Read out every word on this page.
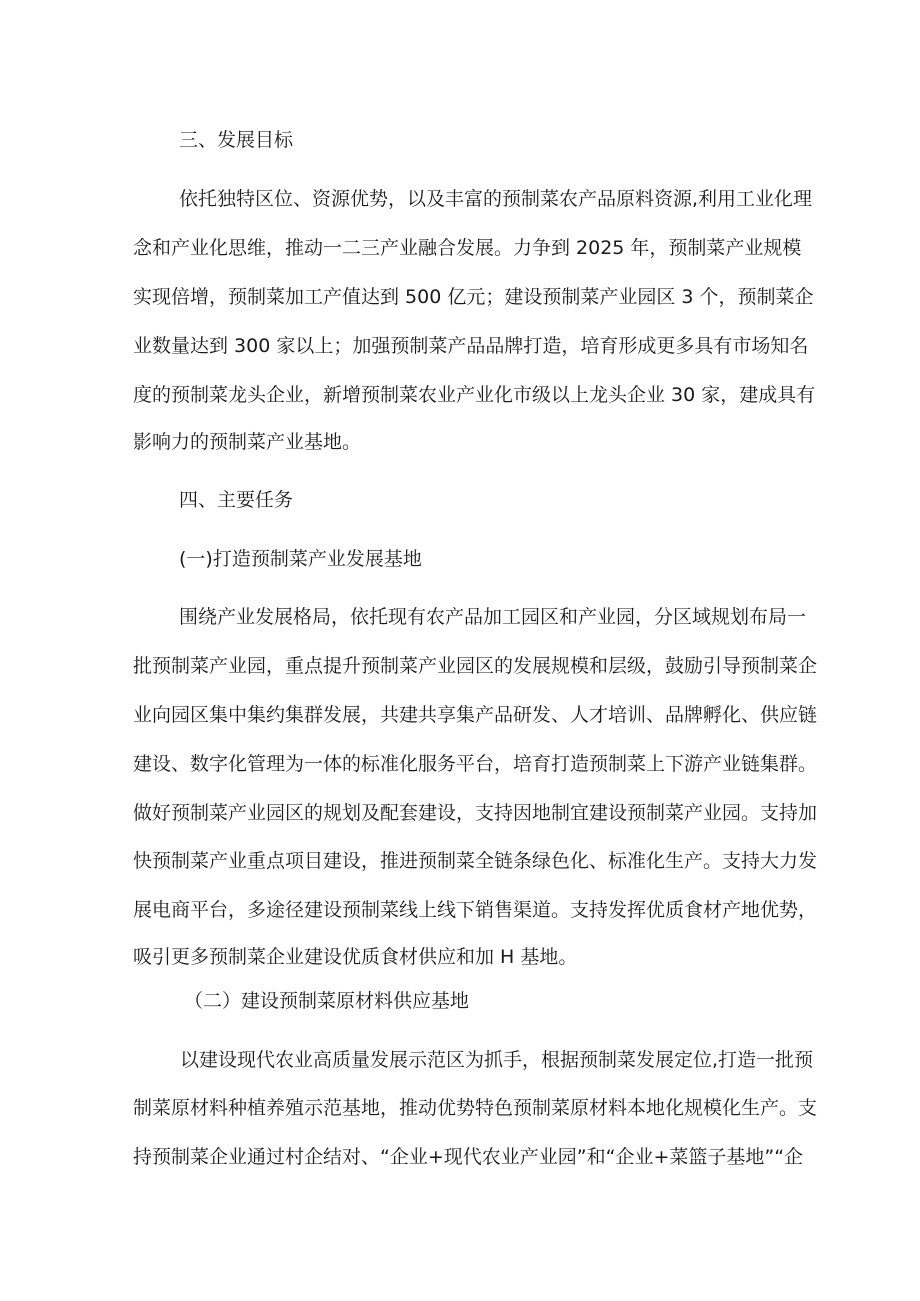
三、发展目标
依托独特区位、资源优势，以及丰富的预制菜农产品原料资源,利用工业化理
念和产业化思维，推动一二三产业融合发展。力争到 2025 年，预制菜产业规模
实现倍增，预制菜加工产值达到 500 亿元；建设预制菜产业园区 3 个，预制菜企
业数量达到 300 家以上；加强预制菜产品品牌打造，培育形成更多具有市场知名
度的预制菜龙头企业，新增预制菜农业产业化市级以上龙头企业 30 家，建成具有
影响力的预制菜产业基地。
四、主要任务
(一)打造预制菜产业发展基地
围绕产业发展格局，依托现有农产品加工园区和产业园，分区域规划布局一
批预制菜产业园，重点提升预制菜产业园区的发展规模和层级，鼓励引导预制菜企
业向园区集中集约集群发展，共建共享集产品研发、人才培训、品牌孵化、供应链
建设、数字化管理为一体的标准化服务平台，培育打造预制菜上下游产业链集群。
做好预制菜产业园区的规划及配套建设，支持因地制宜建设预制菜产业园。支持加
快预制菜产业重点项目建设，推进预制菜全链条绿色化、标准化生产。支持大力发
展电商平台，多途径建设预制菜线上线下销售渠道。支持发挥优质食材产地优势，
吸引更多预制菜企业建设优质食材供应和加 H 基地。
（二）建设预制菜原材料供应基地
以建设现代农业高质量发展示范区为抓手，根据预制菜发展定位,打造一批预
制菜原材料种植养殖示范基地，推动优势特色预制菜原材料本地化规模化生产。支
持预制菜企业通过村企结对、“企业+现代农业产业园”和“企业+菜篮子基地”“企
